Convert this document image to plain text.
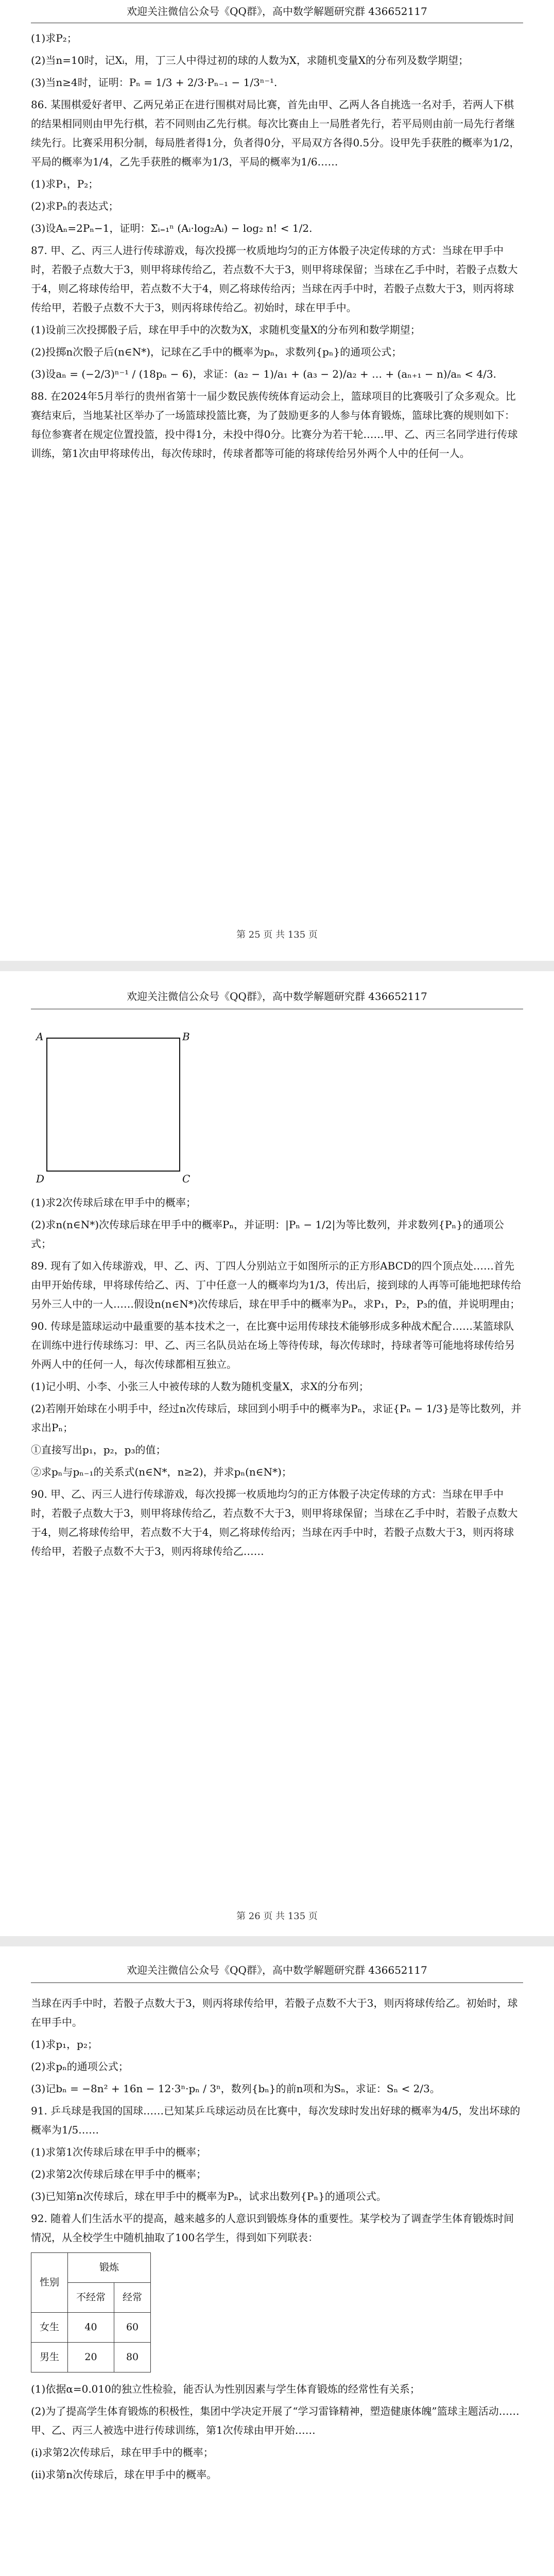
欢迎关注微信公众号《QQ群》，高中数学解题研究群 436652117

(1)求P₂；

(2)当n=10时，记Xᵢ，用，丁三人中得过初的球的人数为X，求随机变量X的分布列及数学期望；

(3)当n≥4时，证明：Pₙ = 1/3 + 2/3·Pₙ₋₁ − 1/3ⁿ⁻¹.

86. 某围棋爱好者甲、乙两兄弟正在进行围棋对局比赛，首先由甲、乙两人各自挑选一名对手，若两人下棋的结果相同则由甲先行棋，若不同则由乙先行棋。每次比赛由上一局胜者先行，若平局则由前一局先行者继续先行。比赛采用积分制，每局胜者得1分，负者得0分，平局双方各得0.5分。设甲先手获胜的概率为1/2，平局的概率为1/4，乙先手获胜的概率为1/3，平局的概率为1/6……

(1)求P₁，P₂；

(2)求Pₙ的表达式；

(3)设Aₙ=2Pₙ−1，证明：Σᵢ₌₁ⁿ (Aᵢ·log₂Aᵢ) − log₂ n! < 1/2.

87. 甲、乙、丙三人进行传球游戏，每次投掷一枚质地均匀的正方体骰子决定传球的方式：当球在甲手中时，若骰子点数大于3，则甲将球传给乙，若点数不大于3，则甲将球保留；当球在乙手中时，若骰子点数大于4，则乙将球传给甲，若点数不大于4，则乙将球传给丙；当球在丙手中时，若骰子点数大于3，则丙将球传给甲，若骰子点数不大于3，则丙将球传给乙。初始时，球在甲手中。

(1)设前三次投掷骰子后，球在甲手中的次数为X，求随机变量X的分布列和数学期望；

(2)投掷n次骰子后(n∈N*)，记球在乙手中的概率为pₙ，求数列{pₙ}的通项公式；

(3)设aₙ = (−2/3)ⁿ⁻¹ / (18pₙ − 6)，求证：(a₂ − 1)/a₁ + (a₃ − 2)/a₂ + … + (aₙ₊₁ − n)/aₙ < 4/3.

88. 在2024年5月举行的贵州省第十一届少数民族传统体育运动会上，篮球项目的比赛吸引了众多观众。比赛结束后，当地某社区举办了一场篮球投篮比赛，为了鼓励更多的人参与体育锻炼，篮球比赛的规则如下：每位参赛者在规定位置投篮，投中得1分，未投中得0分。比赛分为若干轮……甲、乙、丙三名同学进行传球训练，第1次由甲将球传出，每次传球时，传球者都等可能的将球传给另外两个人中的任何一人。

第 25 页 共 135 页
欢迎关注微信公众号《QQ群》，高中数学解题研究群 436652117
A	B
C
D

(1)求2次传球后球在甲手中的概率；

(2)求n(n∈N*)次传球后球在甲手中的概率Pₙ，并证明：|Pₙ − 1/2|为等比数列，并求数列{Pₙ}的通项公式；

89. 现有了如入传球游戏，甲、乙、丙、丁四人分别站立于如图所示的正方形ABCD的四个顶点处……首先由甲开始传球，甲将球传给乙、丙、丁中任意一人的概率均为1/3，传出后，接到球的人再等可能地把球传给另外三人中的一人……假设n(n∈N*)次传球后，球在甲手中的概率为Pₙ，求P₁，P₂，P₃的值，并说明理由；

90. 传球是篮球运动中最重要的基本技术之一，在比赛中运用传球技术能够形成多种战术配合……某篮球队在训练中进行传球练习：甲、乙、丙三名队员站在场上等待传球，每次传球时，持球者等可能地将球传给另外两人中的任何一人，每次传球都相互独立。

(1)记小明、小李、小张三人中被传球的人数为随机变量X，求X的分布列；

(2)若刚开始球在小明手中，经过n次传球后，球回到小明手中的概率为Pₙ，求证{Pₙ − 1/3}是等比数列，并求出Pₙ；

①直接写出p₁，p₂，p₃的值；

②求pₙ与pₙ₋₁的关系式(n∈N*，n≥2)，并求pₙ(n∈N*)；

90. 甲、乙、丙三人进行传球游戏，每次投掷一枚质地均匀的正方体骰子决定传球的方式：当球在甲手中时，若骰子点数大于3，则甲将球传给乙，若点数不大于3，则甲将球保留；当球在乙手中时，若骰子点数大于4，则乙将球传给甲，若点数不大于4，则乙将球传给丙；当球在丙手中时，若骰子点数大于3，则丙将球传给甲，若骰子点数不大于3，则丙将球传给乙……

第 26 页 共 135 页
欢迎关注微信公众号《QQ群》，高中数学解题研究群 436652117

当球在丙手中时，若骰子点数大于3，则丙将球传给甲，若骰子点数不大于3，则丙将球传给乙。初始时，球在甲手中。

(1)求p₁，p₂；

(2)求pₙ的通项公式；

(3)记bₙ = −8n² + 16n − 12·3ⁿ·pₙ / 3ⁿ，数列{bₙ}的前n项和为Sₙ，求证：Sₙ < 2/3。

91. 乒乓球是我国的国球……已知某乒乓球运动员在比赛中，每次发球时发出好球的概率为4/5，发出坏球的概率为1/5……

(1)求第1次传球后球在甲手中的概率；

(2)求第2次传球后球在甲手中的概率；

(3)已知第n次传球后，球在甲手中的概率为Pₙ，试求出数列{Pₙ}的通项公式。

92. 随着人们生活水平的提高，越来越多的人意识到锻炼身体的重要性。某学校为了调查学生体育锻炼时间情况，从全校学生中随机抽取了100名学生，得到如下列联表：

性别	锻炼	
	不经常	经常
女生	40	60
男生	20	80

(1)依据α=0.010的独立性检验，能否认为性别因素与学生体育锻炼的经常性有关系；

(2)为了提高学生体育锻炼的积极性，集团中学决定开展了“学习雷锋精神，塑造健康体魄”篮球主题活动……甲、乙、丙三人被选中进行传球训练，第1次传球由甲开始……

(i)求第2次传球后，球在甲手中的概率；

(ii)求第n次传球后，球在甲手中的概率。
